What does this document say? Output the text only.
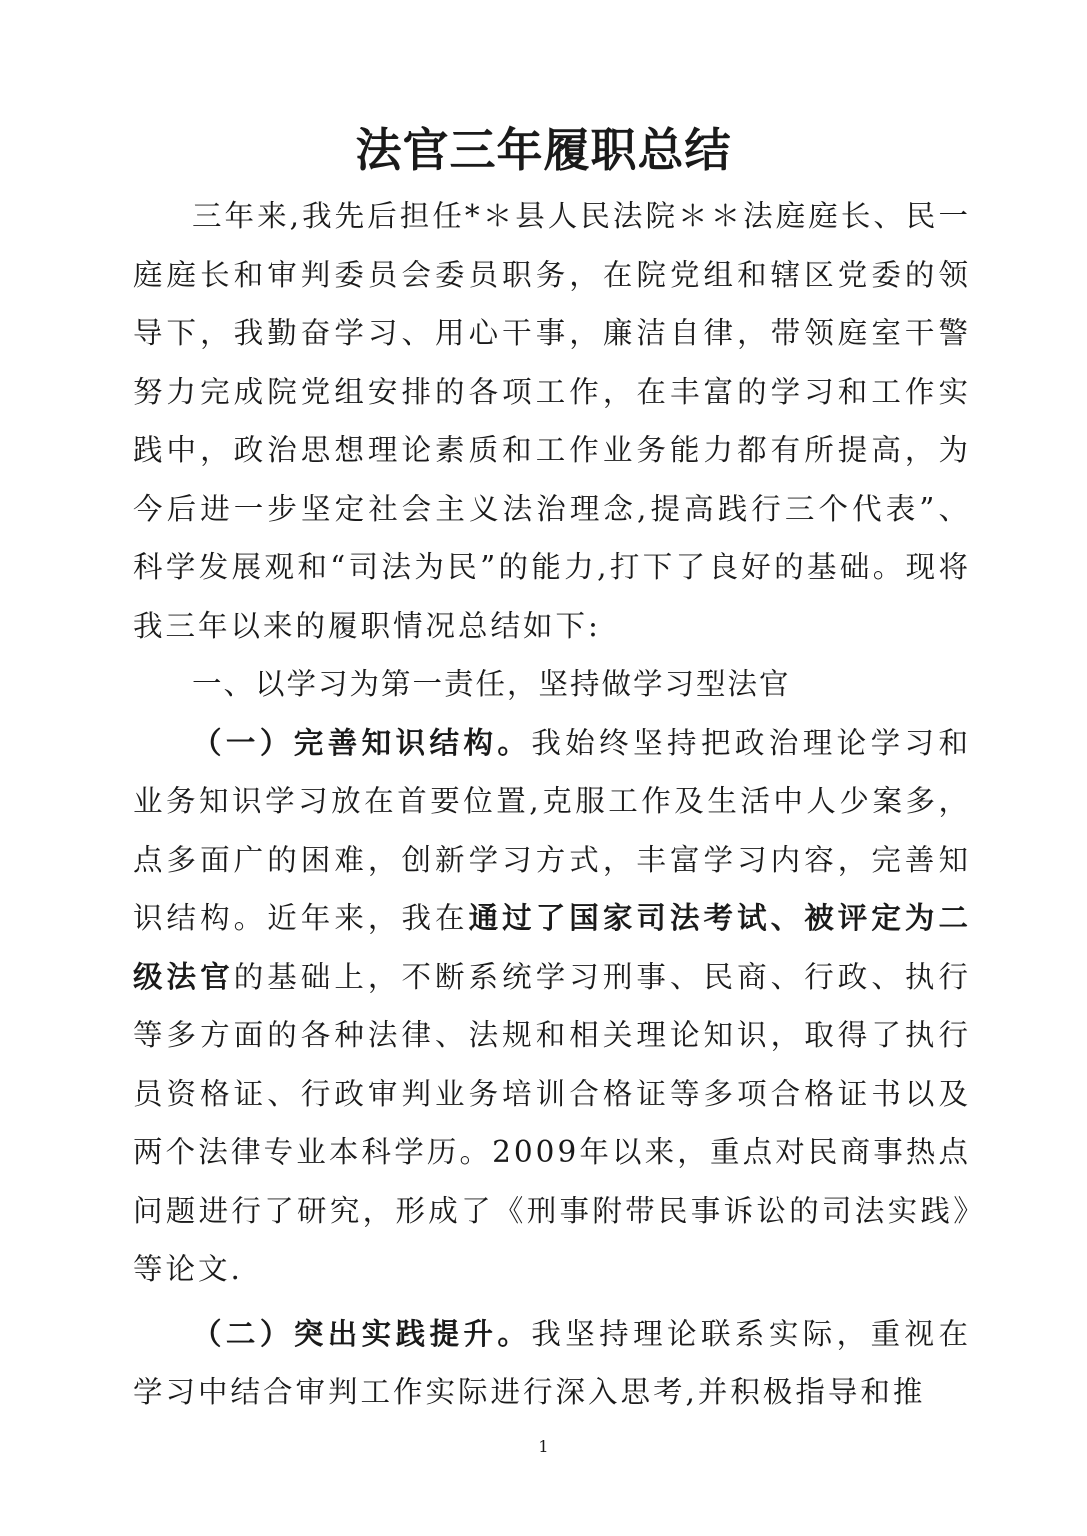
法官三年履职总结

三年来,我先后担任*＊县人民法院＊＊法庭庭长、民一庭庭长和审判委员会委员职务，在院党组和辖区党委的领导下，我勤奋学习、用心干事，廉洁自律，带领庭室干警努力完成院党组安排的各项工作，在丰富的学习和工作实践中，政治思想理论素质和工作业务能力都有所提高，为今后进一步坚定社会主义法治理念,提高践行三个代表”、科学发展观和“司法为民”的能力,打下了良好的基础。现将我三年以来的履职情况总结如下:

一、以学习为第一责任，坚持做学习型法官

（一）完善知识结构。我始终坚持把政治理论学习和业务知识学习放在首要位置,克服工作及生活中人少案多，点多面广的困难，创新学习方式，丰富学习内容，完善知识结构。近年来，我在通过了国家司法考试、被评定为二级法官的基础上，不断系统学习刑事、民商、行政、执行等多方面的各种法律、法规和相关理论知识，取得了执行员资格证、行政审判业务培训合格证等多项合格证书以及两个法律专业本科学历。2009年以来，重点对民商事热点问题进行了研究，形成了《刑事附带民事诉讼的司法实践》等论文.

（二）突出实践提升。我坚持理论联系实际，重视在学习中结合审判工作实际进行深入思考,并积极指导和推

1
